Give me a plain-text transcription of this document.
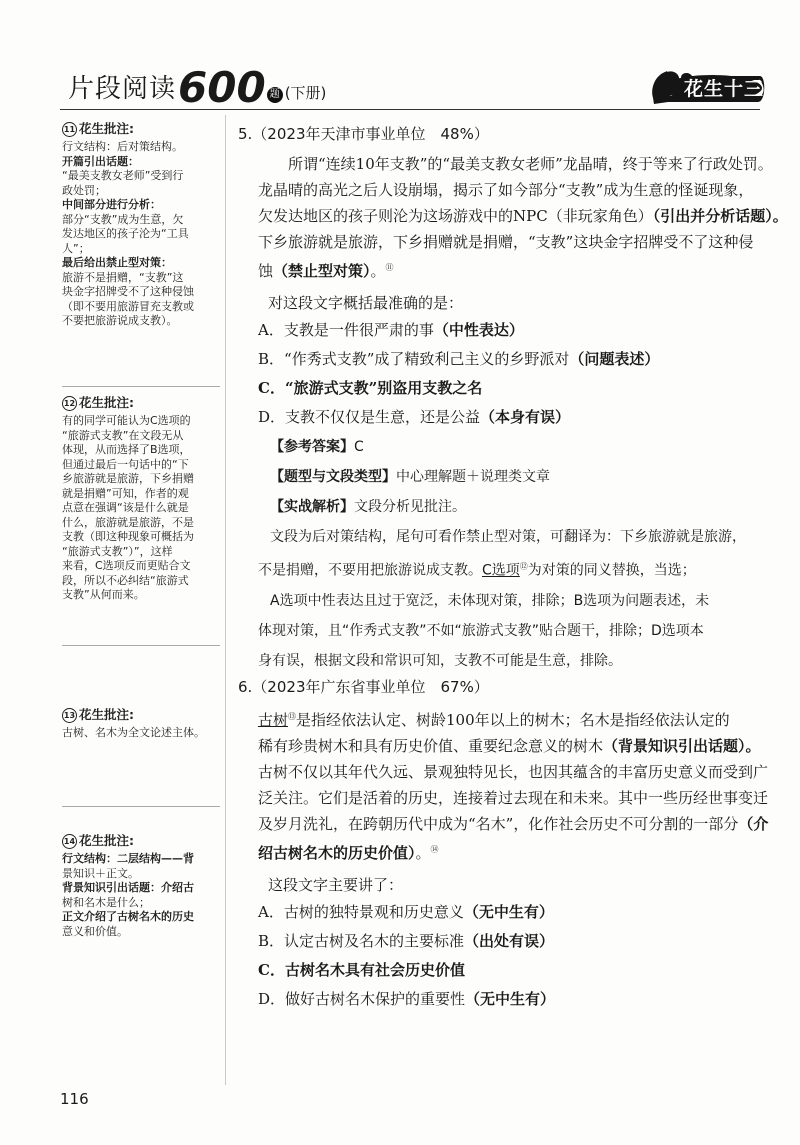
片段阅读 600 题 (下册)	花生十三
11 花生批注:
行文结构：后对策结构。
开篇引出话题：
“最美支教女老师”受到行
政处罚；
中间部分进行分析：
部分“支教”成为生意，欠
发达地区的孩子沦为“工具
人”；
最后给出禁止型对策：
旅游不是捐赠，“支教”这
块金字招牌受不了这种侵蚀
（即不要用旅游冒充支教或
不要把旅游说成支教）。
12 花生批注:
有的同学可能认为C选项的
“旅游式支教”在文段无从
体现，从而选择了B选项，
但通过最后一句话中的“下
乡旅游就是旅游，下乡捐赠
就是捐赠”可知，作者的观
点意在强调“该是什么就是
什么，旅游就是旅游，不是
支教（即这种现象可概括为
“旅游式支教”）”，这样
来看，C选项反而更贴合文
段，所以不必纠结“旅游式
支教”从何而来。
13 花生批注:
古树、名木为全文论述主体。
14 花生批注:
行文结构：二层结构——背
景知识＋正文。
背景知识引出话题：介绍古
树和名木是什么；
正文介绍了古树名木的历史
意义和价值。
5.（2023年天津市事业单位　48%）
所谓“连续10年支教”的“最美支教女老师”龙晶晴，终于等来了行政处罚。
龙晶晴的高光之后人设崩塌，揭示了如今部分“支教”成为生意的怪诞现象，
欠发达地区的孩子则沦为这场游戏中的NPC（非玩家角色）（引出并分析话题）。
下乡旅游就是旅游，下乡捐赠就是捐赠，“支教”这块金字招牌受不了这种侵
蚀（禁止型对策）。⑪
对这段文字概括最准确的是：
A．支教是一件很严肃的事（中性表达）
B．“作秀式支教”成了精致利己主义的乡野派对（问题表述）
C．“旅游式支教”别盗用支教之名
D．支教不仅仅是生意，还是公益（本身有误）
【参考答案】C
【题型与文段类型】中心理解题＋说理类文章
【实战解析】文段分析见批注。
文段为后对策结构，尾句可看作禁止型对策，可翻译为：下乡旅游就是旅游，
不是捐赠，不要用把旅游说成支教。C选项⑫为对策的同义替换，当选；
A选项中性表达且过于宽泛，未体现对策，排除；B选项为问题表述，未
体现对策，且“作秀式支教”不如“旅游式支教”贴合题干，排除；D选项本
身有误，根据文段和常识可知，支教不可能是生意，排除。
6.（2023年广东省事业单位　67%）
古树⑬是指经依法认定、树龄100年以上的树木；名木是指经依法认定的
稀有珍贵树木和具有历史价值、重要纪念意义的树木（背景知识引出话题）。
古树不仅以其年代久远、景观独特见长，也因其蕴含的丰富历史意义而受到广
泛关注。它们是活着的历史，连接着过去现在和未来。其中一些历经世事变迁
及岁月洗礼，在跨朝历代中成为“名木”，化作社会历史不可分割的一部分（介
绍古树名木的历史价值）。⑭
这段文字主要讲了：
A．古树的独特景观和历史意义（无中生有）
B．认定古树及名木的主要标准（出处有误）
C．古树名木具有社会历史价值
D．做好古树名木保护的重要性（无中生有）
116
